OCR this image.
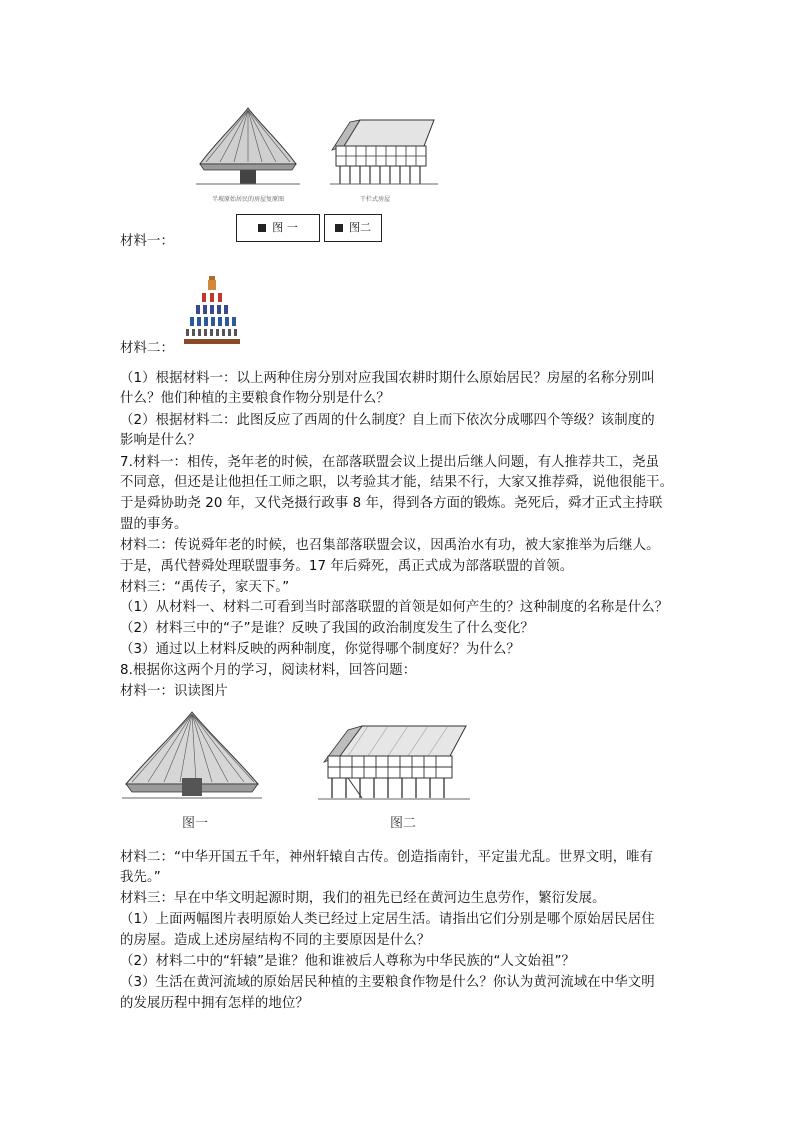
半坡原始居民的房屋复原图	干栏式房屋
图 一	图二
材料一：
材料二：
（1）根据材料一：以上两种住房分别对应我国农耕时期什么原始居民？房屋的名称分别叫
什么？他们种植的主要粮食作物分别是什么？
（2）根据材料二：此图反应了西周的什么制度？自上而下依次分成哪四个等级？该制度的
影响是什么？
7.材料一：相传，尧年老的时候，在部落联盟会议上提出后继人问题，有人推荐共工，尧虽
不同意，但还是让他担任工师之职，以考验其才能，结果不行，大家又推荐舜，说他很能干。
于是舜协助尧 20 年，又代尧摄行政事 8 年，得到各方面的锻炼。尧死后，舜才正式主持联
盟的事务。
材料二：传说舜年老的时候，也召集部落联盟会议，因禹治水有功，被大家推举为后继人。
于是，禹代替舜处理联盟事务。17 年后舜死，禹正式成为部落联盟的首领。
材料三：“禹传子，家天下。”
（1）从材料一、材料二可看到当时部落联盟的首领是如何产生的？这种制度的名称是什么？
（2）材料三中的“子”是谁？反映了我国的政治制度发生了什么变化？
（3）通过以上材料反映的两种制度，你觉得哪个制度好？为什么？
8.根据你这两个月的学习，阅读材料，回答问题：
材料一：识读图片
图一	图二
材料二：“中华开国五千年，神州轩辕自古传。创造指南针，平定蚩尤乱。世界文明，唯有
我先。”
材料三：早在中华文明起源时期，我们的祖先已经在黄河边生息劳作，繁衍发展。
（1）上面两幅图片表明原始人类已经过上定居生活。请指出它们分别是哪个原始居民居住
的房屋。造成上述房屋结构不同的主要原因是什么？
（2）材料二中的“轩辕”是谁？他和谁被后人尊称为中华民族的“人文始祖”？
（3）生活在黄河流域的原始居民种植的主要粮食作物是什么？你认为黄河流域在中华文明
的发展历程中拥有怎样的地位？
